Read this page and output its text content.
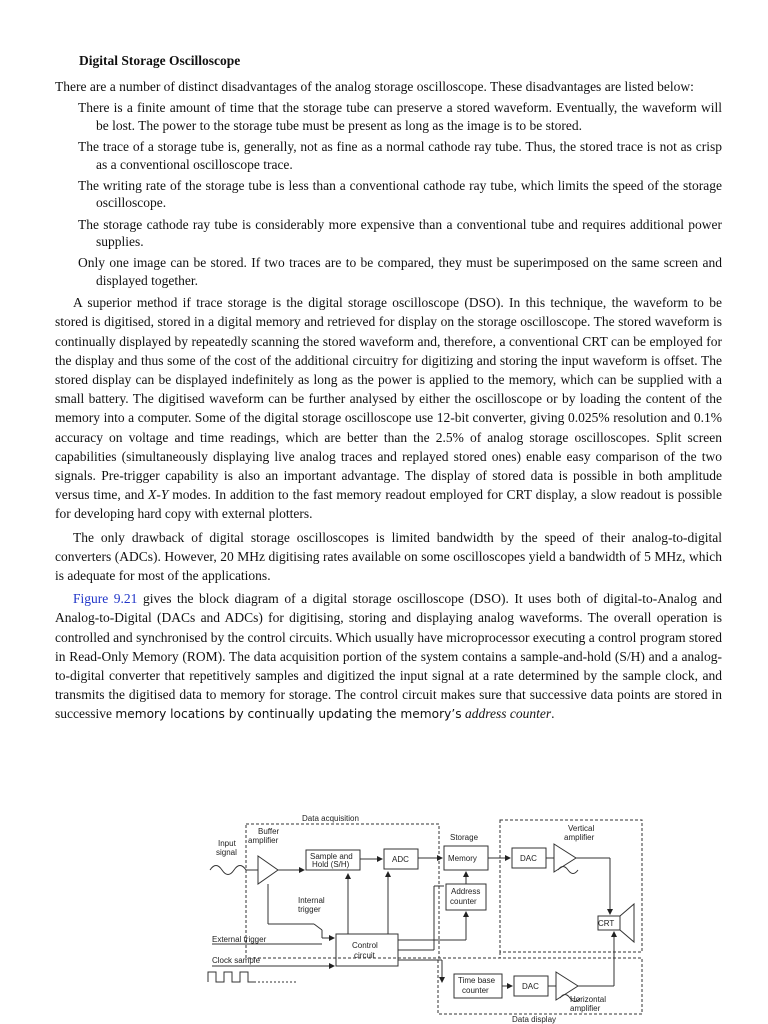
Digital Storage Oscilloscope

There are a number of distinct disadvantages of the analog storage oscilloscope. These disadvantages are listed below:

There is a finite amount of time that the storage tube can preserve a stored waveform. Eventually, the waveform will be lost. The power to the storage tube must be present as long as the image is to be stored.
The trace of a storage tube is, generally, not as fine as a normal cathode ray tube. Thus, the stored trace is not as crisp as a conventional oscilloscope trace.
The writing rate of the storage tube is less than a conventional cathode ray tube, which limits the speed of the storage oscilloscope.
The storage cathode ray tube is considerably more expensive than a conventional tube and requires additional power supplies.
Only one image can be stored. If two traces are to be compared, they must be superimposed on the same screen and displayed together.

A superior method if trace storage is the digital storage oscilloscope (DSO). In this technique, the waveform to be stored is digitised, stored in a digital memory and retrieved for display on the storage oscilloscope. The stored waveform is continually displayed by repeatedly scanning the stored waveform and, therefore, a conventional CRT can be employed for the display and thus some of the cost of the additional circuitry for digitizing and storing the input waveform is offset. The stored display can be displayed indefinitely as long as the power is applied to the memory, which can be supplied with a small battery. The digitised waveform can be further analysed by either the oscilloscope or by loading the content of the memory into a computer. Some of the digital storage oscilloscope use 12-bit converter, giving 0.025% resolution and 0.1% accuracy on voltage and time readings, which are better than the 2.5% of analog storage oscilloscopes. Split screen capabilities (simultaneously displaying live analog traces and replayed stored ones) enable easy comparison of the two signals. Pre-trigger capability is also an important advantage. The display of stored data is possible in both amplitude versus time, and X-Y modes. In addition to the fast memory readout employed for CRT display, a slow readout is possible for developing hard copy with external plotters.

The only drawback of digital storage oscilloscopes is limited bandwidth by the speed of their analog-to-digital converters (ADCs). However, 20 MHz digitising rates available on some oscilloscopes yield a bandwidth of 5 MHz, which is adequate for most of the applications.

Figure 9.21 gives the block diagram of a digital storage oscilloscope (DSO). It uses both of digital-to-Analog and Analog-to-Digital (DACs and ADCs) for digitising, storing and displaying analog waveforms. The overall operation is controlled and synchronised by the control circuits. Which usually have microprocessor executing a control program stored in Read-Only Memory (ROM). The data acquisition portion of the system contains a sample-and-hold (S/H) and a analog-to-digital converter that repetitively samples and digitized the input signal at a rate determined by the sample clock, and transmits the digitised data to memory for storage. The control circuit makes sure that successive data points are stored in successive memory locations by continually updating the memory’s address counter.

Data acquisition
Buffer
amplifier
Input
signal	Sample and
Hold (S/H)
ADC
Storage
Memory	DAC
Vertical
amplifier
Address
counter
Internal
trigger
CRT
External trigger
Clock sample
Control
circuit
Time base
counter	DAC
Horizontal
amplifier
Data display
